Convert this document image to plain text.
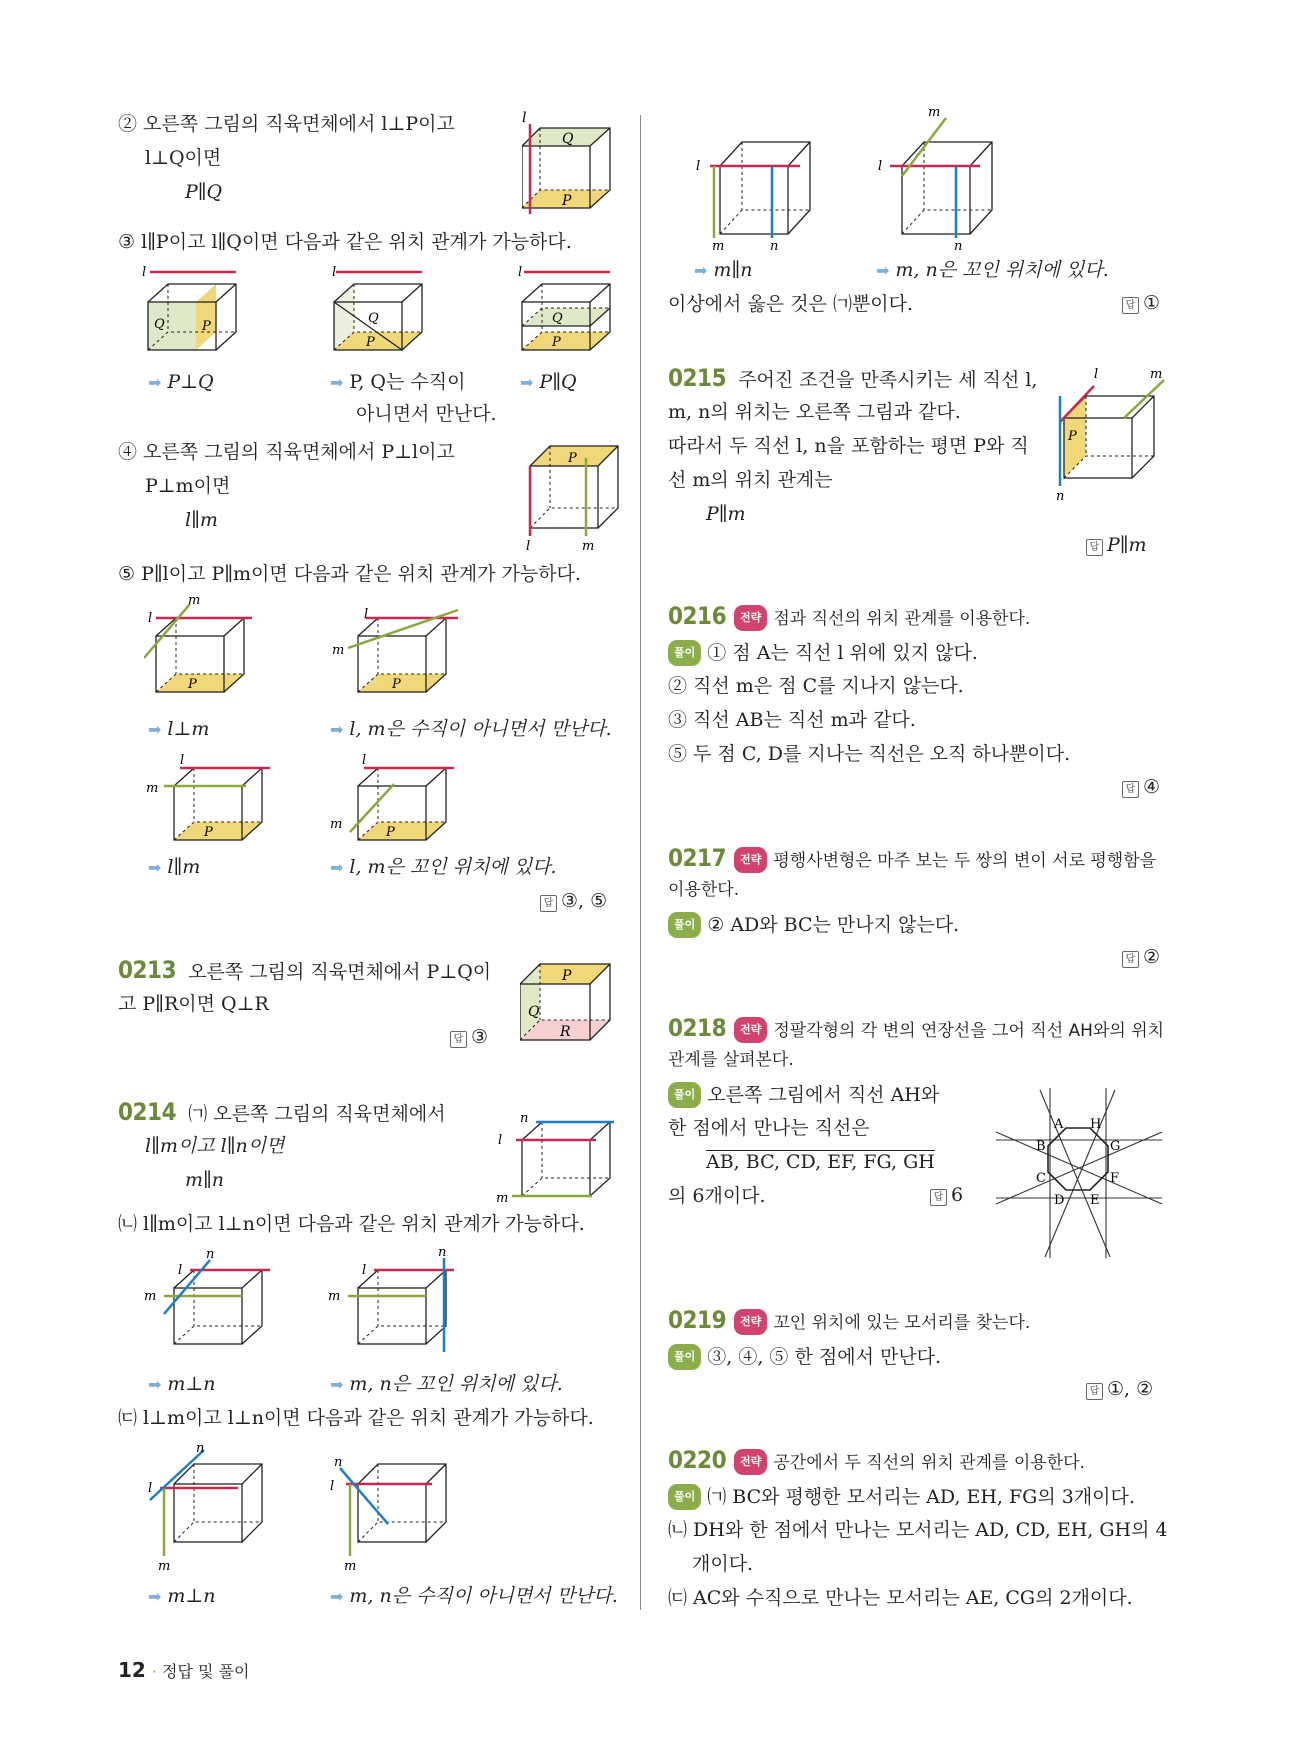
② 오른쪽 그림의 직육면체에서 l⊥P이고
l⊥Q이면
P∥Q
l
Q
P
③ l∥P이고 l∥Q이면 다음과 같은 위치 관계가 가능하다.
l
Q	P
l
Q
P
l
Q
P
➡ P⊥Q	➡ P, Q는 수직이
아니면서 만난다.
➡ P∥Q
④ 오른쪽 그림의 직육면체에서 P⊥l이고
P⊥m이면
l∥m
P
l	m
⑤ P∥l이고 P∥m이면 다음과 같은 위치 관계가 가능하다.
m
l
P
l
m
P
➡ l⊥m	➡ l, m은 수직이 아니면서 만난다.
l
m
P
l
m
P
➡ l∥m	➡ l, m은 꼬인 위치에 있다.
답 ③, ⑤
0213 오른쪽 그림의 직육면체에서 P⊥Q이
고 P∥R이면 Q⊥R
답 ③
P
Q
R
0214 ㈀ 오른쪽 그림의 직육면체에서
l∥m이고 l∥n이면
m∥n
n
l
m
㈁ l∥m이고 l⊥n이면 다음과 같은 위치 관계가 가능하다.
n
l
m
n
l
m
➡ m⊥n	➡ m, n은 꼬인 위치에 있다.
㈂ l⊥m이고 l⊥n이면 다음과 같은 위치 관계가 가능하다.
n
l
m
n
l
m
➡ m⊥n	➡ m, n은 수직이 아니면서 만난다.
l
m	n
m
l
n
➡ m∥n	➡ m, n은 꼬인 위치에 있다.
이상에서 옳은 것은 ㈀뿐이다.	답 ①
0215 주어진 조건을 만족시키는 세 직선 l,
m, n의 위치는 오른쪽 그림과 같다.
따라서 두 직선 l, n을 포함하는 평면 P와 직
선 m의 위치 관계는
P∥m
l	m
P
n
답 P∥m
0216 전략 점과 직선의 위치 관계를 이용한다.
풀이 ① 점 A는 직선 l 위에 있지 않다.
② 직선 m은 점 C를 지나지 않는다.
③ 직선 AB는 직선 m과 같다.
⑤ 두 점 C, D를 지나는 직선은 오직 하나뿐이다.
답 ④
0217 전략 평행사변형은 마주 보는 두 쌍의 변이 서로 평행함을
이용한다.
풀이 ② AD와 BC는 만나지 않는다.
답 ②
0218 전략 정팔각형의 각 변의 연장선을 그어 직선 AH와의 위치
관계를 살펴본다.
풀이 오른쪽 그림에서 직선 AH와
한 점에서 만나는 직선은
AB, BC, CD, EF, FG, GH
의 6개이다.	답 6
A H
B	G
C	F
D E
0219 전략 꼬인 위치에 있는 모서리를 찾는다.
풀이 ③, ④, ⑤ 한 점에서 만난다.
답 ①, ②
0220 전략 공간에서 두 직선의 위치 관계를 이용한다.
풀이 ㈀ BC와 평행한 모서리는 AD, EH, FG의 3개이다.
㈁ DH와 한 점에서 만나는 모서리는 AD, CD, EH, GH의 4
개이다.
㈂ AC와 수직으로 만나는 모서리는 AE, CG의 2개이다.
12 · 정답 및 풀이
